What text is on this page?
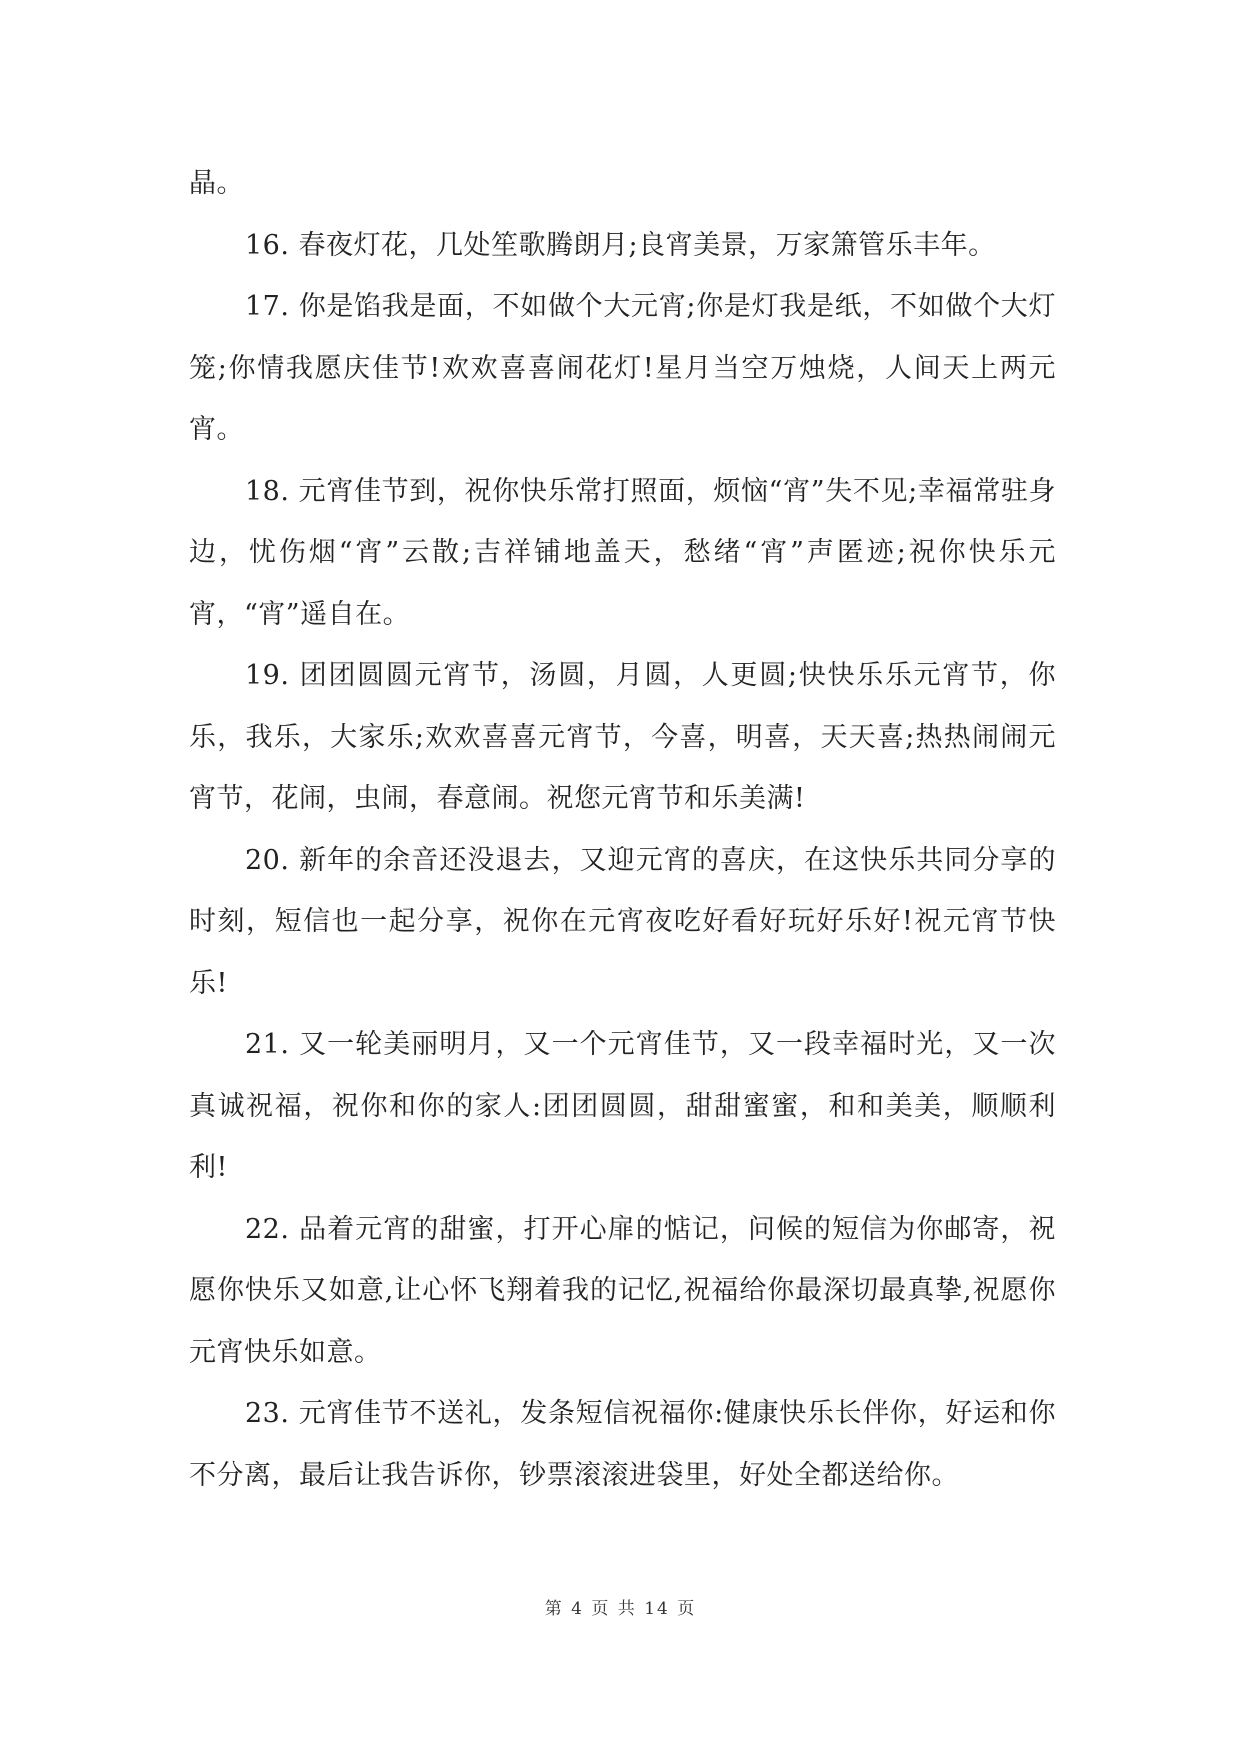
晶。

16. 春夜灯花，几处笙歌腾朗月;良宵美景，万家箫管乐丰年。

17. 你是馅我是面，不如做个大元宵;你是灯我是纸，不如做个大灯笼;你情我愿庆佳节!欢欢喜喜闹花灯!星月当空万烛烧，人间天上两元宵。

18. 元宵佳节到，祝你快乐常打照面，烦恼“宵”失不见;幸福常驻身边，忧伤烟“宵”云散;吉祥铺地盖天，愁绪“宵”声匿迹;祝你快乐元宵，“宵”遥自在。

19. 团团圆圆元宵节，汤圆，月圆，人更圆;快快乐乐元宵节，你乐，我乐，大家乐;欢欢喜喜元宵节，今喜，明喜，天天喜;热热闹闹元宵节，花闹，虫闹，春意闹。祝您元宵节和乐美满!

20. 新年的余音还没退去，又迎元宵的喜庆，在这快乐共同分享的时刻，短信也一起分享，祝你在元宵夜吃好看好玩好乐好!祝元宵节快乐!

21. 又一轮美丽明月，又一个元宵佳节，又一段幸福时光，又一次真诚祝福，祝你和你的家人:团团圆圆，甜甜蜜蜜，和和美美，顺顺利利!

22. 品着元宵的甜蜜，打开心扉的惦记，问候的短信为你邮寄，祝愿你快乐又如意,让心怀飞翔着我的记忆,祝福给你最深切最真挚,祝愿你元宵快乐如意。

23. 元宵佳节不送礼，发条短信祝福你:健康快乐长伴你，好运和你不分离，最后让我告诉你，钞票滚滚进袋里，好处全都送给你。

第 4 页 共 14 页
